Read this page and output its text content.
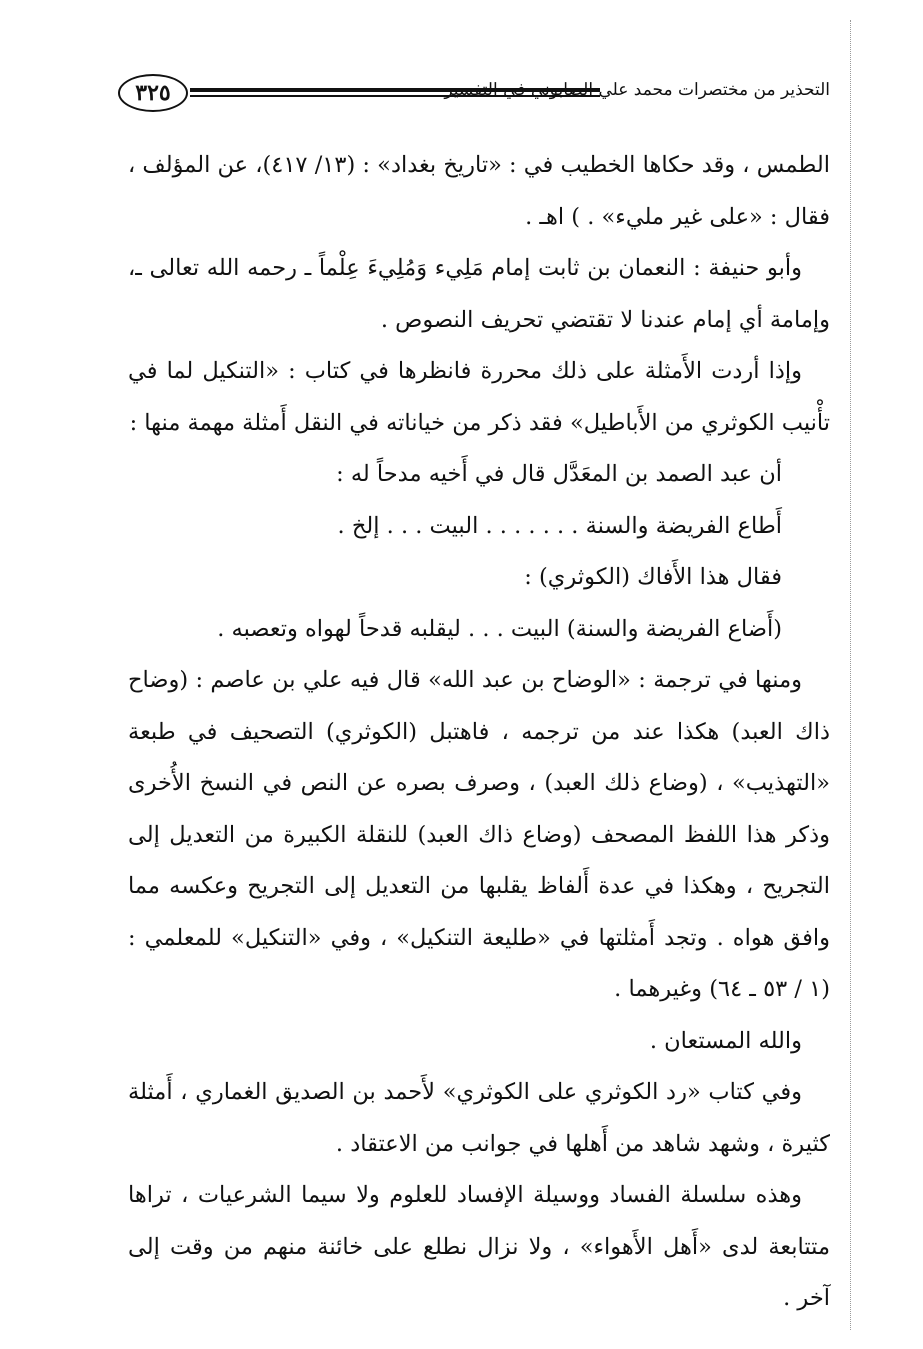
٣٢٥	التحذير من مختصرات محمد علي الصابوني في التفسير

الطمس ، وقد حكاها الخطيب في : «تاريخ بغداد» : (١٣/ ٤١٧)، عن المؤلف ، فقال : «على غير مليء» . ) اهـ .

وأبو حنيفة : النعمان بن ثابت إمام مَلِيء وَمُلِيءَ عِلْماً ـ رحمه الله تعالى ـ، وإمامة أي إمام عندنا لا تقتضي تحريف النصوص .

وإذا أردت الأَمثلة على ذلك محررة فانظرها في كتاب : «التنكيل لما في تأْنيب الكوثري من الأَباطيل» فقد ذكر من خياناته في النقل أَمثلة مهمة منها :

أن عبد الصمد بن المعَدَّل قال في أَخيه مدحاً له :

أَطاع الفريضة والسنة . . . . . . . البيت . . . إلخ .

فقال هذا الأَفاك (الكوثري) :

(أَضاع الفريضة والسنة) البيت . . . ليقلبه قدحاً لهواه وتعصبه .

ومنها في ترجمة : «الوضاح بن عبد الله» قال فيه علي بن عاصم : (وضاح ذاك العبد) هكذا عند من ترجمه ، فاهتبل (الكوثري) التصحيف في طبعة «التهذيب» ، (وضاع ذلك العبد) ، وصرف بصره عن النص في النسخ الأُخرى وذكر هذا اللفظ المصحف (وضاع ذاك العبد) للنقلة الكبيرة من التعديل إلى التجريح ، وهكذا في عدة أَلفاظ يقلبها من التعديل إلى التجريح وعكسه مما وافق هواه . وتجد أَمثلتها في «طليعة التنكيل» ، وفي «التنكيل» للمعلمي : (١ / ٥٣ ـ ٦٤) وغيرهما .

والله المستعان .

وفي كتاب «رد الكوثري على الكوثري» لأَحمد بن الصديق الغماري ، أَمثلة كثيرة ، وشهد شاهد من أَهلها في جوانب من الاعتقاد .

وهذه سلسلة الفساد ووسيلة الإفساد للعلوم ولا سيما الشرعيات ، تراها متتابعة لدى «أَهل الأَهواء» ، ولا نزال نطلع على خائنة منهم من وقت إلى آخر .
